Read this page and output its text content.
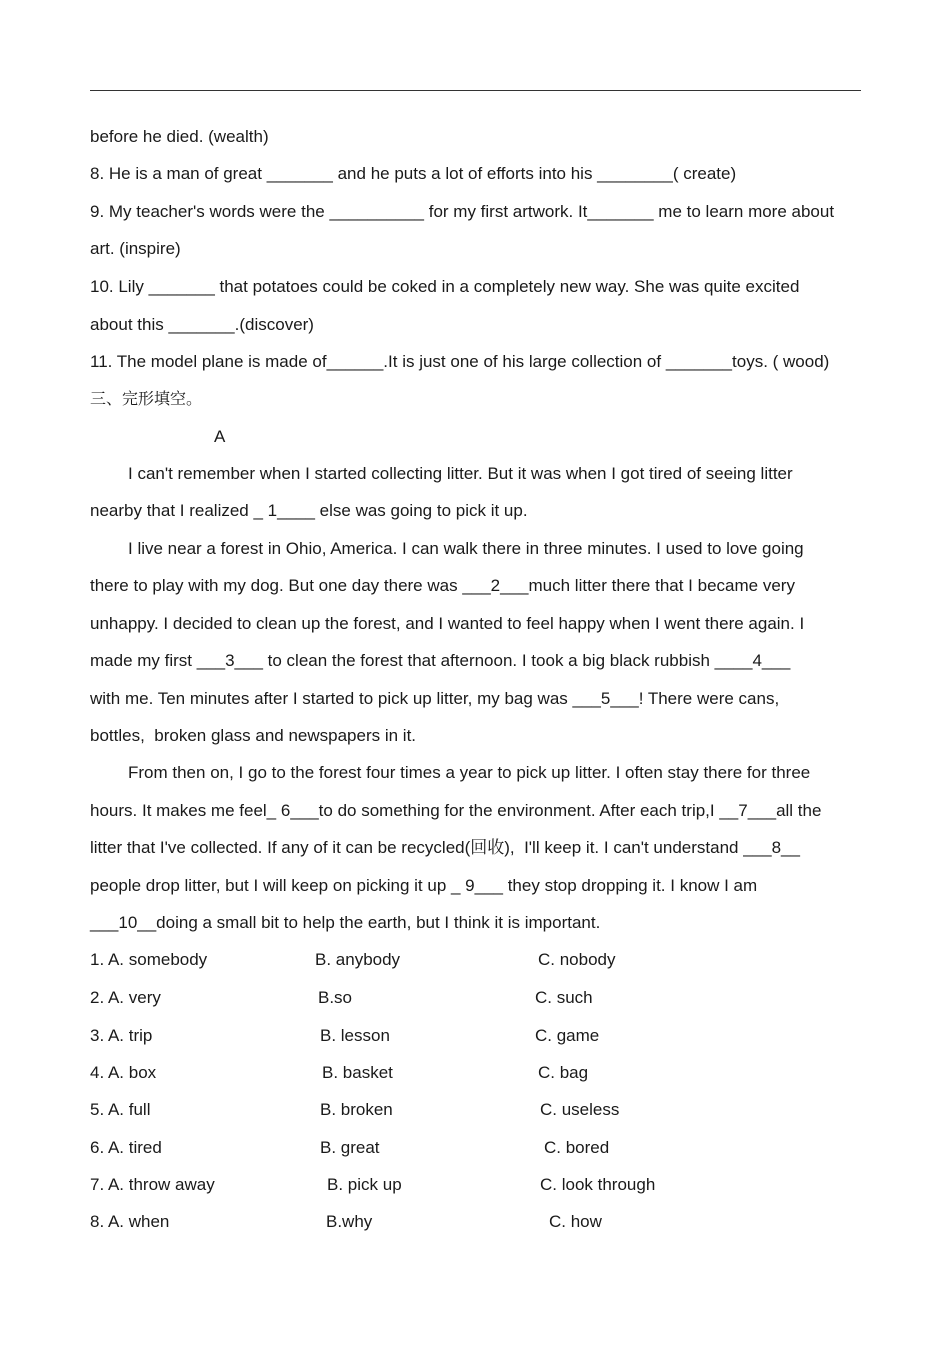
before he died. (wealth)
8. He is a man of great _______ and he puts a lot of efforts into his ________( create)
9. My teacher's words were the __________ for my first artwork. It_______ me to learn more about
art. (inspire)
10. Lily _______ that potatoes could be coked in a completely new way. She was quite excited
about this _______.(discover)
11. The model plane is made of______.It is just one of his large collection of _______toys. ( wood)
三、完形填空。
A
I can't remember when I started collecting litter. But it was when I got tired of seeing litter
nearby that I realized _ 1____ else was going to pick it up.
I live near a forest in Ohio, America. I can walk there in three minutes. I used to love going
there to play with my dog. But one day there was ___2___much litter there that I became very
unhappy. I decided to clean up the forest, and I wanted to feel happy when I went there again. I
made my first ___3___ to clean the forest that afternoon. I took a big black rubbish ____4___
with me. Ten minutes after I started to pick up litter, my bag was ___5___! There were cans,
bottles,  broken glass and newspapers in it.
From then on, I go to the forest four times a year to pick up litter. I often stay there for three
hours. It makes me feel_ 6___to do something for the environment. After each trip,I __7___all the
litter that I've collected. If any of it can be recycled(回收),  I'll keep it. I can't understand ___8__
people drop litter, but I will keep on picking it up _ 9___ they stop dropping it. I know I am
___10__doing a small bit to help the earth, but I think it is important.
1. A. somebody	B. anybody	C. nobody
2. A. very	B.so	C. such
3. A. trip	B. lesson	C. game
4. A. box	B. basket	C. bag
5. A. full	B. broken	C. useless
6. A. tired	B. great	C. bored
7. A. throw away	B. pick up	C. look through
8. A. when	B.why	C. how
